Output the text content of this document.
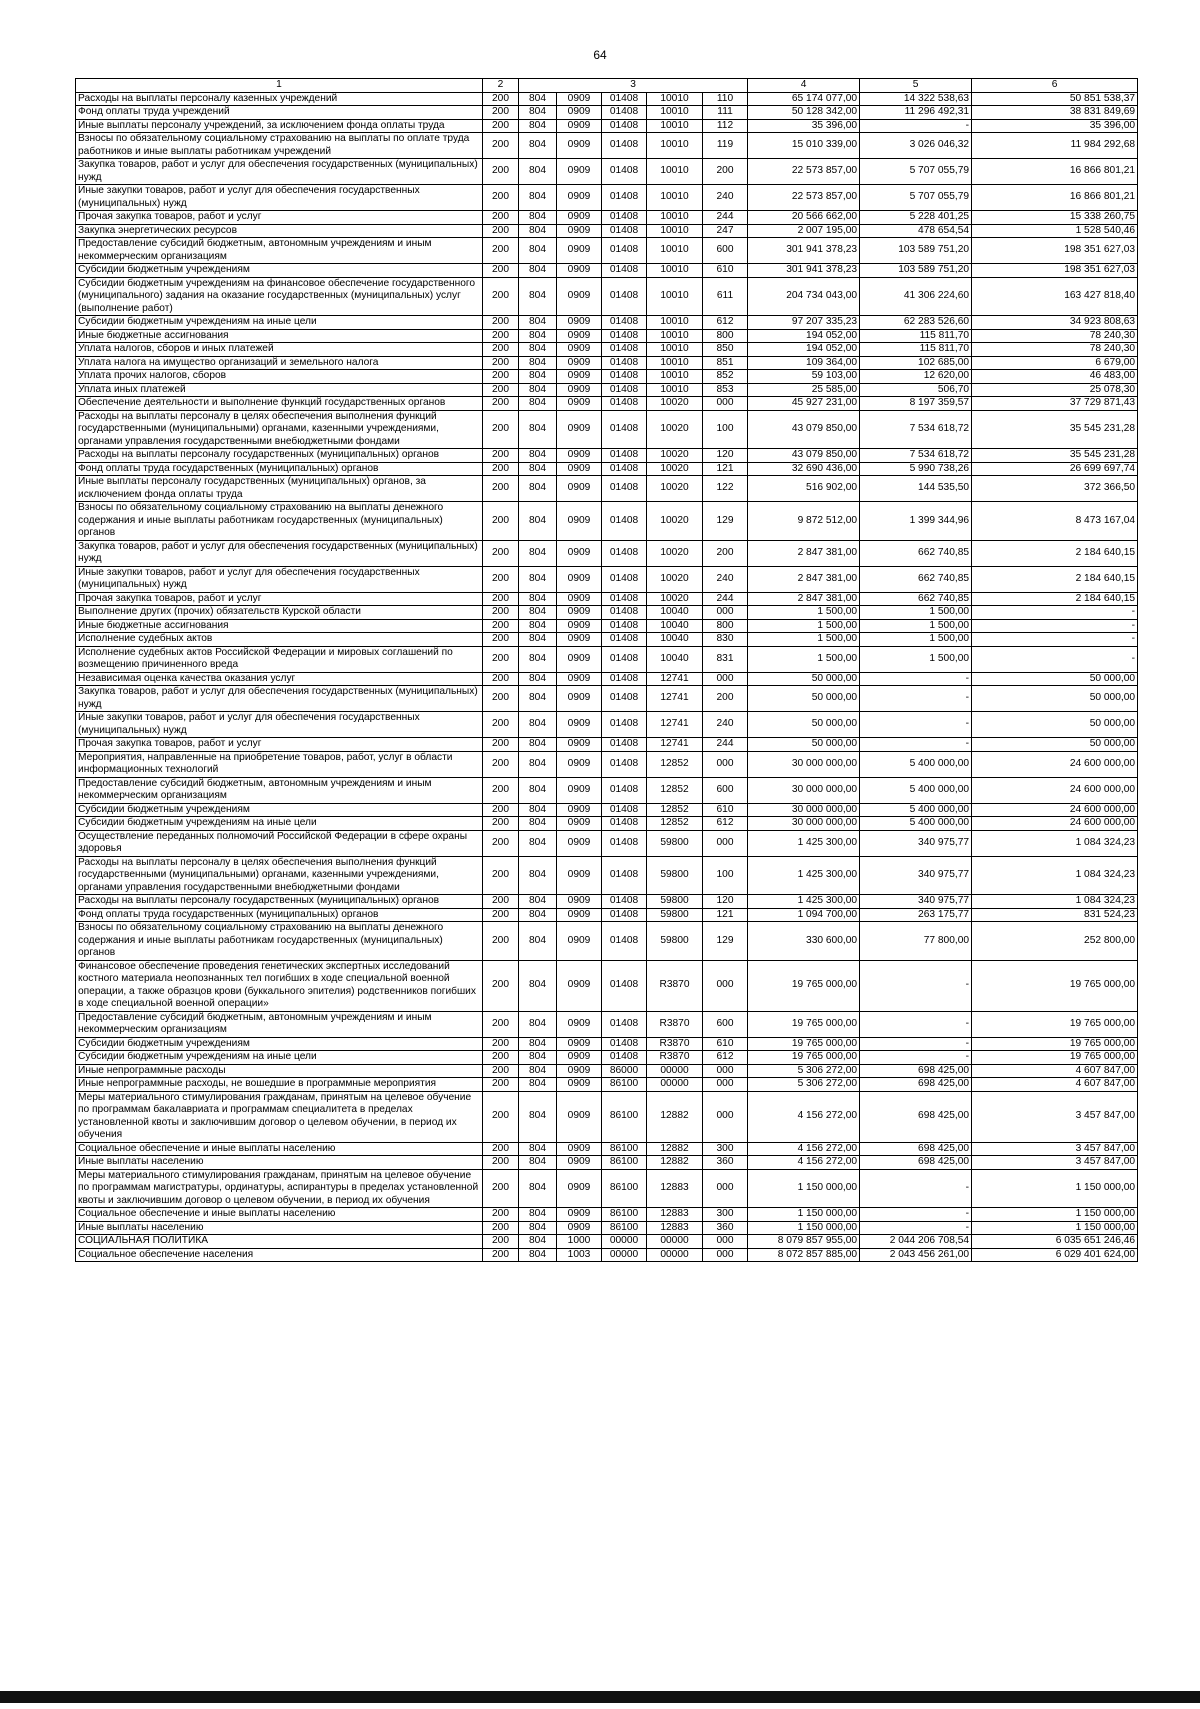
64
1	2	3					4	5	6
Расходы на выплаты персоналу казенных учреждений	200	804	0909	01408	10010	110	65 174 077,00	14 322 538,63	50 851 538,37
Фонд оплаты труда учреждений	200	804	0909	01408	10010	111	50 128 342,00	11 296 492,31	38 831 849,69
Иные выплаты персоналу учреждений, за исключением фонда оплаты труда	200	804	0909	01408	10010	112	35 396,00	-	35 396,00
Взносы по обязательному социальному страхованию на выплаты по оплате труда работников и иные выплаты работникам учреждений	200	804	0909	01408	10010	119	15 010 339,00	3 026 046,32	11 984 292,68
Закупка товаров, работ и услуг для обеспечения государственных (муниципальных) нужд	200	804	0909	01408	10010	200	22 573 857,00	5 707 055,79	16 866 801,21
Иные закупки товаров, работ и услуг для обеспечения государственных (муниципальных) нужд	200	804	0909	01408	10010	240	22 573 857,00	5 707 055,79	16 866 801,21
Прочая закупка товаров, работ и услуг	200	804	0909	01408	10010	244	20 566 662,00	5 228 401,25	15 338 260,75
Закупка энергетических ресурсов	200	804	0909	01408	10010	247	2 007 195,00	478 654,54	1 528 540,46
Предоставление субсидий бюджетным, автономным учреждениям и иным некоммерческим организациям	200	804	0909	01408	10010	600	301 941 378,23	103 589 751,20	198 351 627,03
Субсидии бюджетным учреждениям	200	804	0909	01408	10010	610	301 941 378,23	103 589 751,20	198 351 627,03
Субсидии бюджетным учреждениям на финансовое обеспечение государственного (муниципального) задания на оказание государственных (муниципальных) услуг (выполнение работ)	200	804	0909	01408	10010	611	204 734 043,00	41 306 224,60	163 427 818,40
Субсидии бюджетным учреждениям на иные цели	200	804	0909	01408	10010	612	97 207 335,23	62 283 526,60	34 923 808,63
Иные бюджетные ассигнования	200	804	0909	01408	10010	800	194 052,00	115 811,70	78 240,30
Уплата налогов, сборов и иных платежей	200	804	0909	01408	10010	850	194 052,00	115 811,70	78 240,30
Уплата налога на имущество организаций и земельного налога	200	804	0909	01408	10010	851	109 364,00	102 685,00	6 679,00
Уплата прочих налогов, сборов	200	804	0909	01408	10010	852	59 103,00	12 620,00	46 483,00
Уплата иных платежей	200	804	0909	01408	10010	853	25 585,00	506,70	25 078,30
Обеспечение деятельности и выполнение функций государственных органов	200	804	0909	01408	10020	000	45 927 231,00	8 197 359,57	37 729 871,43
Расходы на выплаты персоналу в целях обеспечения выполнения функций государственными (муниципальными) органами, казенными учреждениями, органами управления государственными внебюджетными фондами	200	804	0909	01408	10020	100	43 079 850,00	7 534 618,72	35 545 231,28
Расходы на выплаты персоналу государственных (муниципальных) органов	200	804	0909	01408	10020	120	43 079 850,00	7 534 618,72	35 545 231,28
Фонд оплаты труда государственных (муниципальных) органов	200	804	0909	01408	10020	121	32 690 436,00	5 990 738,26	26 699 697,74
Иные выплаты персоналу государственных (муниципальных) органов, за исключением фонда оплаты труда	200	804	0909	01408	10020	122	516 902,00	144 535,50	372 366,50
Взносы по обязательному социальному страхованию на выплаты денежного содержания и иные выплаты работникам государственных (муниципальных) органов	200	804	0909	01408	10020	129	9 872 512,00	1 399 344,96	8 473 167,04
Закупка товаров, работ и услуг для обеспечения государственных (муниципальных) нужд	200	804	0909	01408	10020	200	2 847 381,00	662 740,85	2 184 640,15
Иные закупки товаров, работ и услуг для обеспечения государственных (муниципальных) нужд	200	804	0909	01408	10020	240	2 847 381,00	662 740,85	2 184 640,15
Прочая закупка товаров, работ и услуг	200	804	0909	01408	10020	244	2 847 381,00	662 740,85	2 184 640,15
Выполнение других (прочих) обязательств Курской области	200	804	0909	01408	10040	000	1 500,00	1 500,00	-
Иные бюджетные ассигнования	200	804	0909	01408	10040	800	1 500,00	1 500,00	-
Исполнение судебных актов	200	804	0909	01408	10040	830	1 500,00	1 500,00	-
Исполнение судебных актов Российской Федерации и мировых соглашений по возмещению причиненного вреда	200	804	0909	01408	10040	831	1 500,00	1 500,00	-
Независимая оценка качества оказания услуг	200	804	0909	01408	12741	000	50 000,00	-	50 000,00
Закупка товаров, работ и услуг для обеспечения государственных (муниципальных) нужд	200	804	0909	01408	12741	200	50 000,00	-	50 000,00
Иные закупки товаров, работ и услуг для обеспечения государственных (муниципальных) нужд	200	804	0909	01408	12741	240	50 000,00	-	50 000,00
Прочая закупка товаров, работ и услуг	200	804	0909	01408	12741	244	50 000,00	-	50 000,00
Мероприятия, направленные на приобретение товаров, работ, услуг в области информационных технологий	200	804	0909	01408	12852	000	30 000 000,00	5 400 000,00	24 600 000,00
Предоставление субсидий бюджетным, автономным учреждениям и иным некоммерческим организациям	200	804	0909	01408	12852	600	30 000 000,00	5 400 000,00	24 600 000,00
Субсидии бюджетным учреждениям	200	804	0909	01408	12852	610	30 000 000,00	5 400 000,00	24 600 000,00
Субсидии бюджетным учреждениям на иные цели	200	804	0909	01408	12852	612	30 000 000,00	5 400 000,00	24 600 000,00
Осуществление переданных полномочий Российской Федерации в сфере охраны здоровья	200	804	0909	01408	59800	000	1 425 300,00	340 975,77	1 084 324,23
Расходы на выплаты персоналу в целях обеспечения выполнения функций государственными (муниципальными) органами, казенными учреждениями, органами управления государственными внебюджетными фондами	200	804	0909	01408	59800	100	1 425 300,00	340 975,77	1 084 324,23
Расходы на выплаты персоналу государственных (муниципальных) органов	200	804	0909	01408	59800	120	1 425 300,00	340 975,77	1 084 324,23
Фонд оплаты труда государственных (муниципальных) органов	200	804	0909	01408	59800	121	1 094 700,00	263 175,77	831 524,23
Взносы по обязательному социальному страхованию на выплаты денежного содержания и иные выплаты работникам государственных (муниципальных) органов	200	804	0909	01408	59800	129	330 600,00	77 800,00	252 800,00
Финансовое обеспечение проведения генетических экспертных исследований костного материала неопознанных тел погибших в ходе специальной военной операции, а также образцов крови (буккального эпителия) родственников погибших в ходе специальной военной операции»	200	804	0909	01408	R3870	000	19 765 000,00	-	19 765 000,00
Предоставление субсидий бюджетным, автономным учреждениям и иным некоммерческим организациям	200	804	0909	01408	R3870	600	19 765 000,00	-	19 765 000,00
Субсидии бюджетным учреждениям	200	804	0909	01408	R3870	610	19 765 000,00	-	19 765 000,00
Субсидии бюджетным учреждениям на иные цели	200	804	0909	01408	R3870	612	19 765 000,00	-	19 765 000,00
Иные непрограммные расходы	200	804	0909	86000	00000	000	5 306 272,00	698 425,00	4 607 847,00
Иные непрограммные расходы, не вошедшие в программные мероприятия	200	804	0909	86100	00000	000	5 306 272,00	698 425,00	4 607 847,00
Меры материального стимулирования гражданам, принятым на целевое обучение по программам бакалавриата и программам специалитета в пределах установленной квоты и заключившим договор о целевом обучении, в период их обучения	200	804	0909	86100	12882	000	4 156 272,00	698 425,00	3 457 847,00
Социальное обеспечение и иные выплаты населению	200	804	0909	86100	12882	300	4 156 272,00	698 425,00	3 457 847,00
Иные выплаты населению	200	804	0909	86100	12882	360	4 156 272,00	698 425,00	3 457 847,00
Меры материального стимулирования гражданам, принятым на целевое обучение по программам магистратуры, ординатуры, аспирантуры в пределах установленной квоты и заключившим договор о целевом обучении, в период их обучения	200	804	0909	86100	12883	000	1 150 000,00	-	1 150 000,00
Социальное обеспечение и иные выплаты населению	200	804	0909	86100	12883	300	1 150 000,00	-	1 150 000,00
Иные выплаты населению	200	804	0909	86100	12883	360	1 150 000,00	-	1 150 000,00
СОЦИАЛЬНАЯ ПОЛИТИКА	200	804	1000	00000	00000	000	8 079 857 955,00	2 044 206 708,54	6 035 651 246,46
Социальное обеспечение населения	200	804	1003	00000	00000	000	8 072 857 885,00	2 043 456 261,00	6 029 401 624,00
